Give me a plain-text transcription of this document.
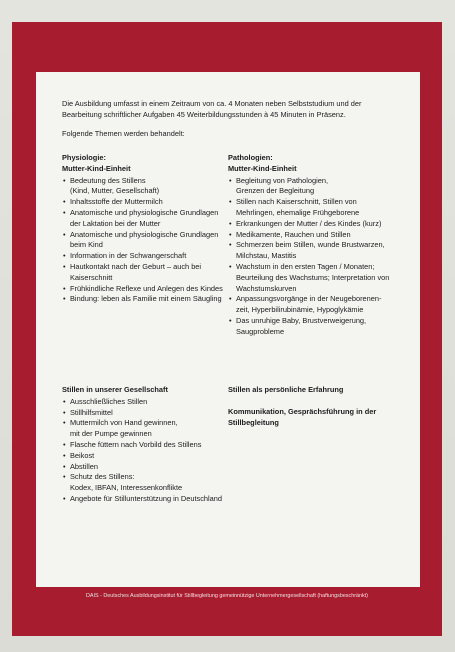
Die Ausbildung umfasst in einem Zeitraum von ca. 4 Monaten neben Selbststudium und der Bearbeitung schriftlicher Aufgaben 45 Weiterbildungsstunden à 45 Minuten in Präsenz.

Folgende Themen werden behandelt:

Physiologie:

Mutter-Kind-Einheit

• Bedeutung des Stillens
(Kind, Mutter, Gesellschaft)
• Inhaltsstoffe der Muttermilch
• Anatomische und physiologische Grundlagen der Laktation bei der Mutter
• Anatomische und physiologische Grundlagen beim Kind
• Information in der Schwangerschaft
• Hautkontakt nach der Geburt – auch bei Kaiserschnitt
• Frühkindliche Reflexe und Anlegen des Kindes
• Bindung: leben als Familie mit einem Säugling

Pathologien:

Mutter-Kind-Einheit

• Begleitung von Pathologien,
Grenzen der Begleitung
• Stillen nach Kaiserschnitt, Stillen von Mehrlingen, ehemalige Frühgeborene
• Erkrankungen der Mutter / des Kindes (kurz)
• Medikamente, Rauchen und Stillen
• Schmerzen beim Stillen, wunde Brustwarzen, Milchstau, Mastitis
• Wachstum in den ersten Tagen / Monaten; Beurteilung des Wachstums; Interpretation von Wachstumskurven
• Anpassungsvorgänge in der Neugeborenen-
zeit, Hyperbilirubinämie, Hypoglykämie
• Das unruhige Baby, Brustverweigerung, Saugprobleme

Stillen in unserer Gesellschaft

• Ausschließliches Stillen
• Stillhilfsmittel
• Muttermilch von Hand gewinnen,
mit der Pumpe gewinnen
• Flasche füttern nach Vorbild des Stillens
• Beikost
• Abstillen
• Schutz des Stillens:
Kodex, IBFAN, Interessenkonflikte
• Angebote für Stillunterstützung in Deutschland

Stillen als persönliche Erfahrung

Kommunikation, Gesprächsführung in der Stillbegleitung

DAIS - Deutsches Ausbildungsinstitut für Stillbegleitung gemeinnützige Unternehmergesellschaft (haftungsbeschränkt)
